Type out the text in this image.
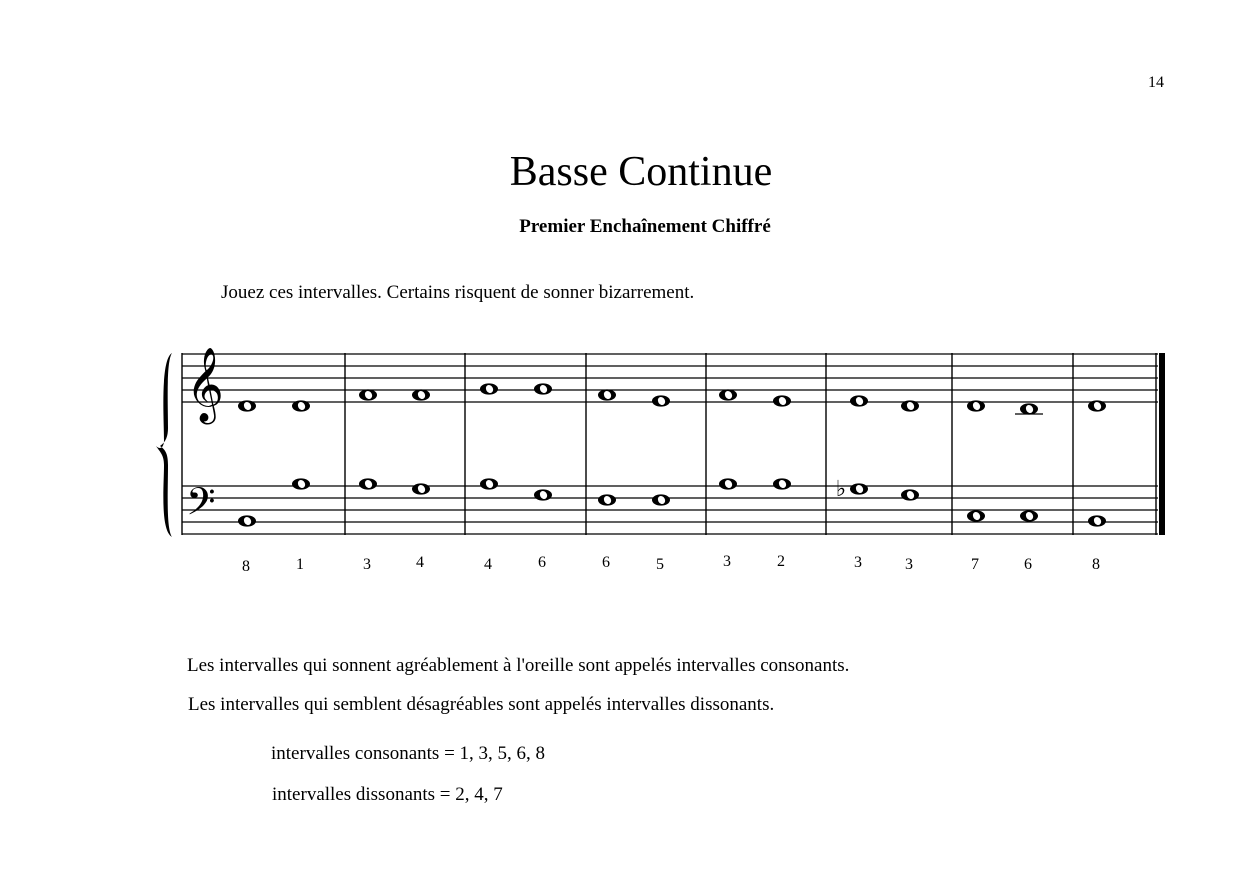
14
Basse Continue
Premier Enchaînement Chiffré
Jouez ces intervalles. Certains risquent de sonner bizarrement.
𝄞
𝄢	♭
8	1	3	4	4	6	6	5	3	2	3	3	7	6	8
Les intervalles qui sonnent agréablement à l'oreille sont appelés intervalles consonants.
Les intervalles qui semblent désagréables sont appelés intervalles dissonants.
intervalles consonants = 1, 3, 5, 6, 8
intervalles dissonants = 2, 4, 7
